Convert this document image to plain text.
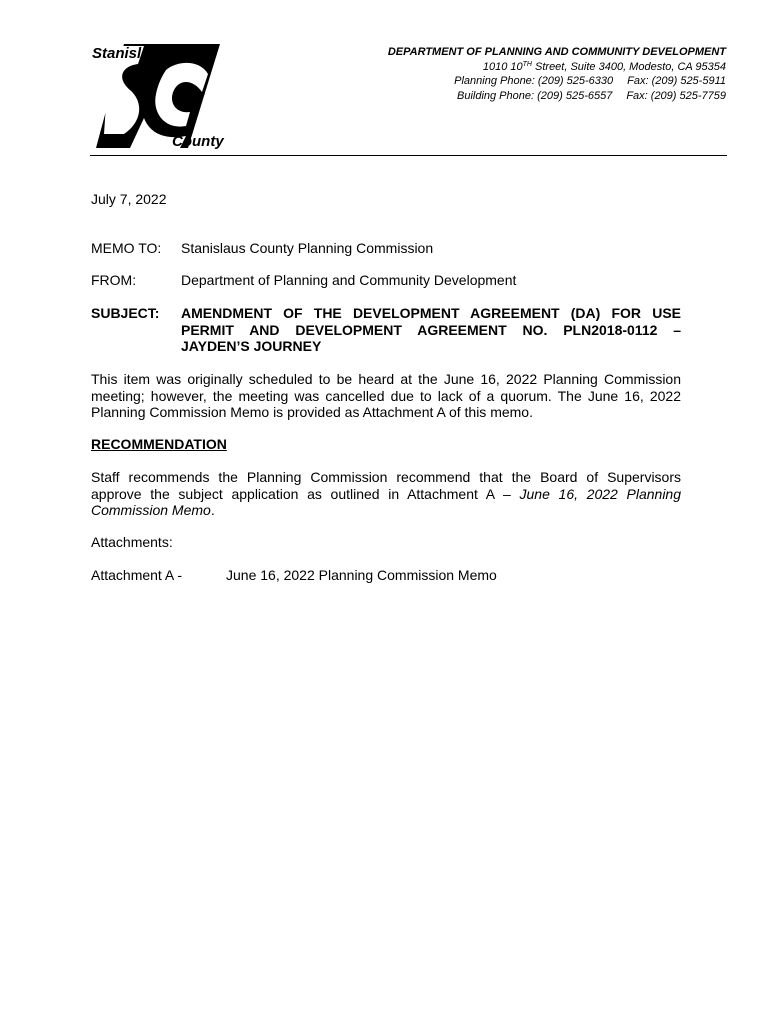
Stanislaus
County
DEPARTMENT OF PLANNING AND COMMUNITY DEVELOPMENT
1010 10TH Street, Suite 3400, Modesto, CA 95354
Planning Phone: (209) 525-6330 Fax: (209) 525-5911
Building Phone: (209) 525-6557 Fax: (209) 525-7759
July 7, 2022
MEMO TO: Stanislaus County Planning Commission
FROM:	Department of Planning and Community Development
SUBJECT: AMENDMENT OF THE DEVELOPMENT AGREEMENT (DA) FOR USE PERMIT AND DEVELOPMENT AGREEMENT NO. PLN2018-0112 – JAYDEN’S JOURNEY
This item was originally scheduled to be heard at the June 16, 2022 Planning Commission meeting; however, the meeting was cancelled due to lack of a quorum. The June 16, 2022 Planning Commission Memo is provided as Attachment A of this memo.
RECOMMENDATION
Staff recommends the Planning Commission recommend that the Board of Supervisors approve the subject application as outlined in Attachment A – June 16, 2022 Planning Commission Memo.
Attachments:
Attachment A -	June 16, 2022 Planning Commission Memo
